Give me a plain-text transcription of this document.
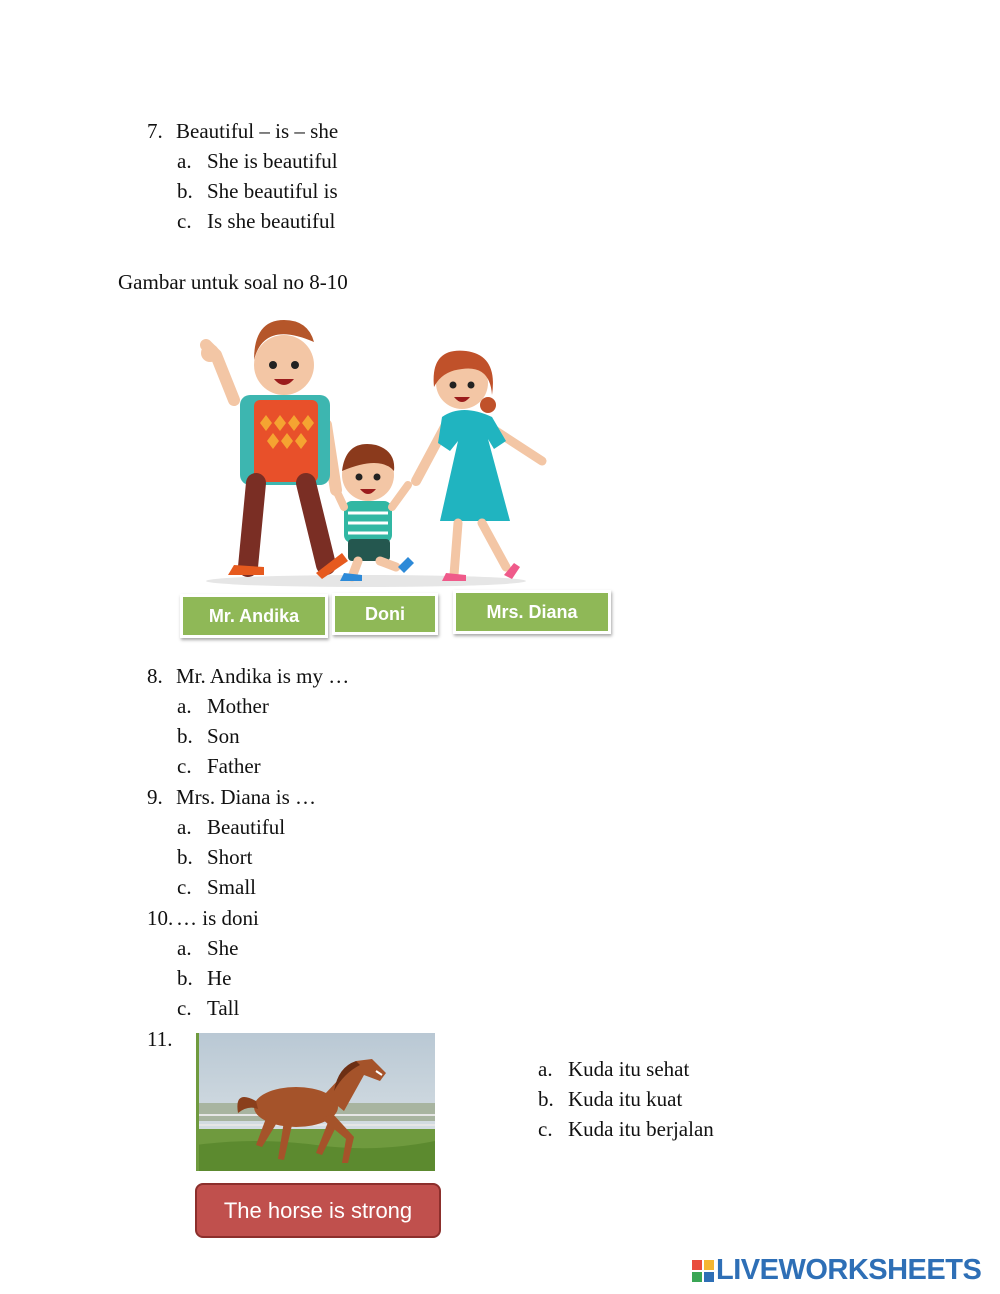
7. Beautiful – is – she
a. She is beautiful
b. She beautiful is
c. Is she beautiful
Gambar untuk soal no 8-10
Mr. Andika	Doni	Mrs. Diana
8. Mr. Andika is my …
a. Mother
b. Son
c. Father
9. Mrs. Diana is …
a. Beautiful
b. Short
c. Small
10. … is doni
a. She
b. He
c. Tall
11.
The horse is strong
a. Kuda itu sehat
b. Kuda itu kuat
c. Kuda itu berjalan
LIVEWORKSHEETS
